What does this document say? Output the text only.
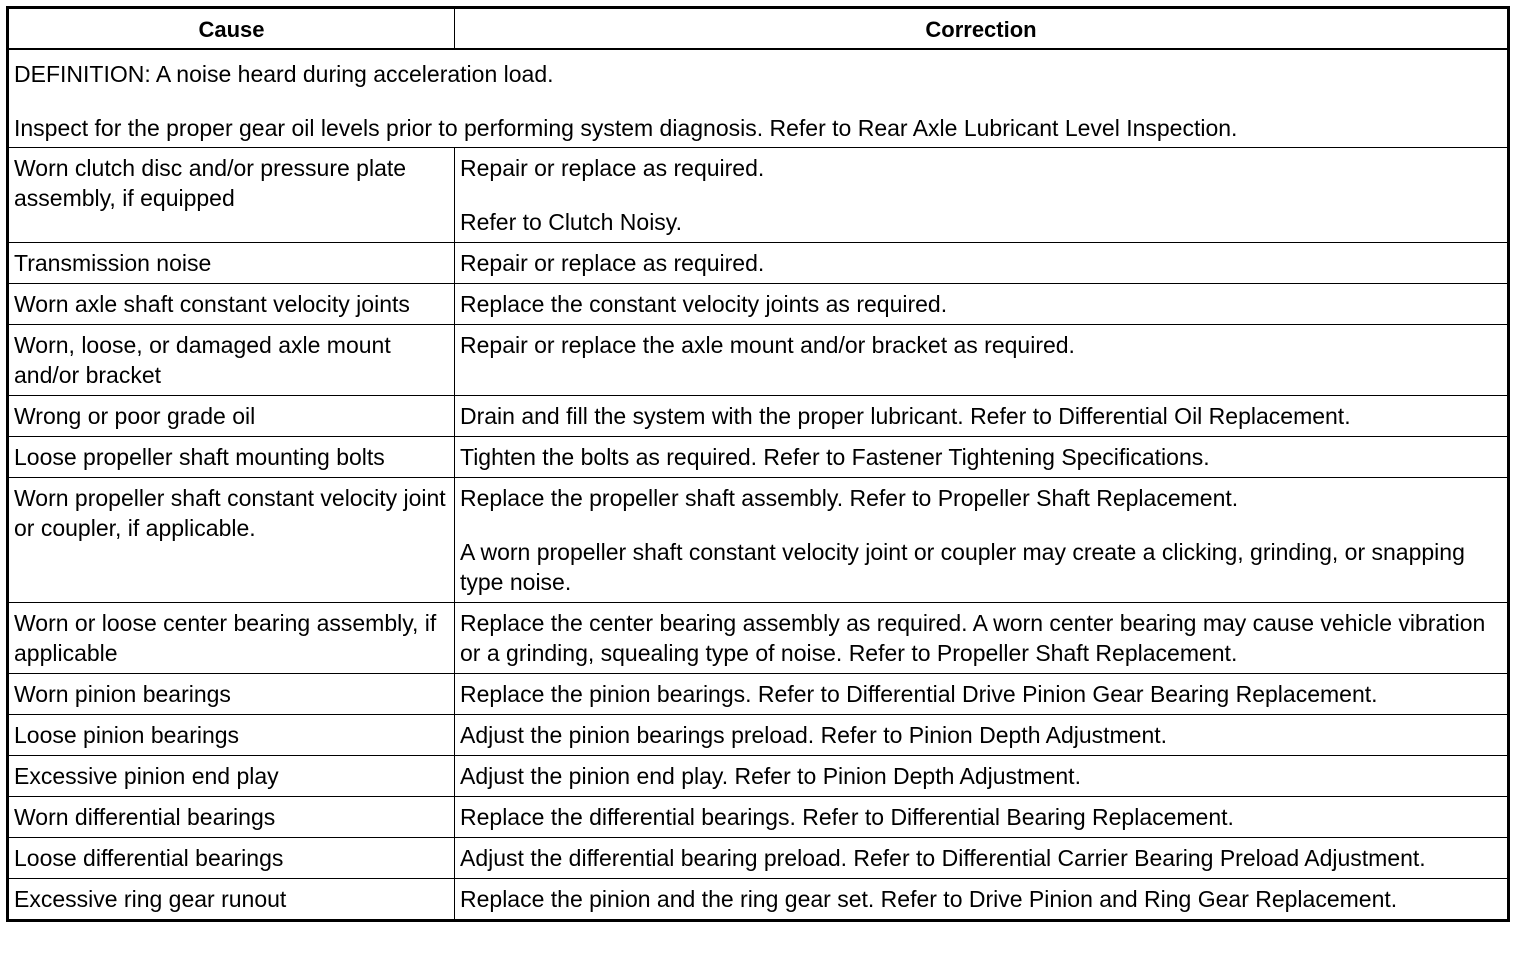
Cause	Correction

DEFINITION: A noise heard during acceleration load.
Inspect for the proper gear oil levels prior to performing system diagnosis. Refer to Rear Axle Lubricant Level Inspection.	

Worn clutch disc and/or pressure plate assembly, if equipped	Repair or replace as required.
Refer to Clutch Noisy.

Transmission noise	Repair or replace as required.

Worn axle shaft constant velocity joints	Replace the constant velocity joints as required.

Worn, loose, or damaged axle mount and/or bracket	Repair or replace the axle mount and/or bracket as required.

Wrong or poor grade oil	Drain and fill the system with the proper lubricant. Refer to Differential Oil Replacement.

Loose propeller shaft mounting bolts	Tighten the bolts as required. Refer to Fastener Tightening Specifications.

Worn propeller shaft constant velocity joint or coupler, if applicable.	Replace the propeller shaft assembly. Refer to Propeller Shaft Replacement.
A worn propeller shaft constant velocity joint or coupler may create a clicking, grinding, or snapping type noise.

Worn or loose center bearing assembly, if applicable	Replace the center bearing assembly as required. A worn center bearing may cause vehicle vibration or a grinding, squealing type of noise. Refer to Propeller Shaft Replacement.

Worn pinion bearings	Replace the pinion bearings. Refer to Differential Drive Pinion Gear Bearing Replacement.

Loose pinion bearings	Adjust the pinion bearings preload. Refer to Pinion Depth Adjustment.

Excessive pinion end play	Adjust the pinion end play. Refer to Pinion Depth Adjustment.

Worn differential bearings	Replace the differential bearings. Refer to Differential Bearing Replacement.

Loose differential bearings	Adjust the differential bearing preload. Refer to Differential Carrier Bearing Preload Adjustment.

Excessive ring gear runout	Replace the pinion and the ring gear set. Refer to Drive Pinion and Ring Gear Replacement.
